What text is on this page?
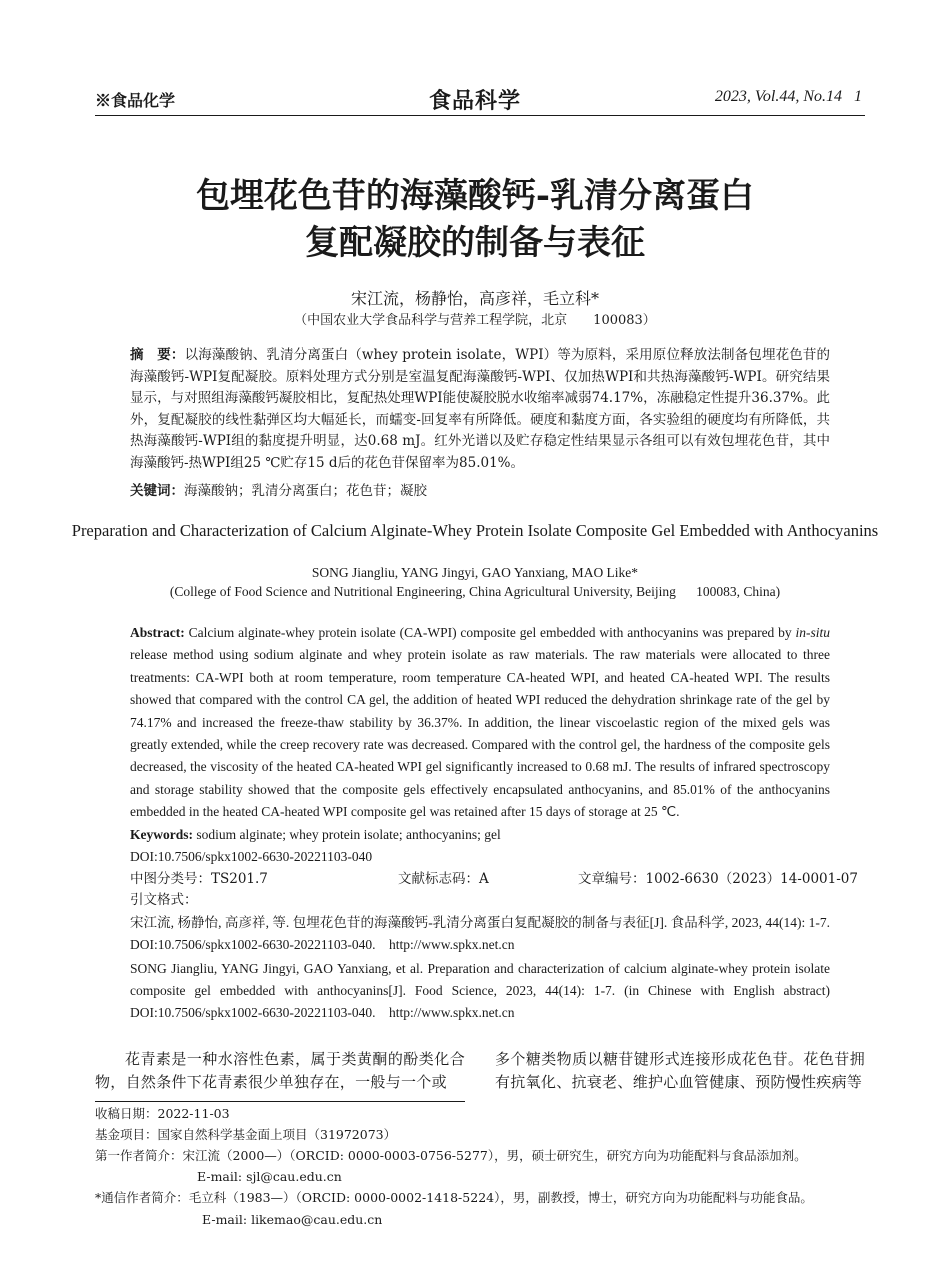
※食品化学	食品科学	2023, Vol.44, No.14 1
包埋花色苷的海藻酸钙-乳清分离蛋白
复配凝胶的制备与表征
宋江流，杨静怡，高彦祥，毛立科*
（中国农业大学食品科学与营养工程学院，北京　　100083）
摘　要：以海藻酸钠、乳清分离蛋白（whey protein isolate，WPI）等为原料，采用原位释放法制备包埋花色苷的海藻酸钙-WPI复配凝胶。原料处理方式分别是室温复配海藻酸钙-WPI、仅加热WPI和共热海藻酸钙-WPI。研究结果显示，与对照组海藻酸钙凝胶相比，复配热处理WPI能使凝胶脱水收缩率减弱74.17%，冻融稳定性提升36.37%。此外，复配凝胶的线性黏弹区均大幅延长，而蠕变-回复率有所降低。硬度和黏度方面，各实验组的硬度均有所降低，共热海藻酸钙-WPI组的黏度提升明显，达0.68 mJ。红外光谱以及贮存稳定性结果显示各组可以有效包埋花色苷，其中海藻酸钙-热WPI组25 ℃贮存15 d后的花色苷保留率为85.01%。
关键词：海藻酸钠；乳清分离蛋白；花色苷；凝胶
Preparation and Characterization of Calcium Alginate-Whey Protein Isolate Composite Gel Embedded with Anthocyanins
SONG Jiangliu, YANG Jingyi, GAO Yanxiang, MAO Like*
(College of Food Science and Nutritional Engineering, China Agricultural University, Beijing      100083, China)
Abstract: Calcium alginate-whey protein isolate (CA-WPI) composite gel embedded with anthocyanins was prepared by in-situ release method using sodium alginate and whey protein isolate as raw materials. The raw materials were allocated to three treatments: CA-WPI both at room temperature, room temperature CA-heated WPI, and heated CA-heated WPI. The results showed that compared with the control CA gel, the addition of heated WPI reduced the dehydration shrinkage rate of the gel by 74.17% and increased the freeze-thaw stability by 36.37%. In addition, the linear viscoelastic region of the mixed gels was greatly extended, while the creep recovery rate was decreased. Compared with the control gel, the hardness of the composite gels decreased, the viscosity of the heated CA-heated WPI gel significantly increased to 0.68 mJ. The results of infrared spectroscopy and storage stability showed that the composite gels effectively encapsulated anthocyanins, and 85.01% of the anthocyanins embedded in the heated CA-heated WPI composite gel was retained after 15 days of storage at 25 ℃.
Keywords: sodium alginate; whey protein isolate; anthocyanins; gel
DOI:10.7506/spkx1002-6630-20221103-040
中图分类号：TS201.7	文献标志码：A	文章编号：1002-6630（2023）14-0001-07
引文格式：
宋江流, 杨静怡, 高彦祥, 等. 包埋花色苷的海藻酸钙-乳清分离蛋白复配凝胶的制备与表征[J]. 食品科学, 2023, 44(14): 1-7. DOI:10.7506/spkx1002-6630-20221103-040.　http://www.spkx.net.cn
SONG Jiangliu, YANG Jingyi, GAO Yanxiang, et al. Preparation and characterization of calcium alginate-whey protein isolate composite gel embedded with anthocyanins[J]. Food Science, 2023, 44(14): 1-7. (in Chinese with English abstract) DOI:10.7506/spkx1002-6630-20221103-040.　http://www.spkx.net.cn
花青素是一种水溶性色素，属于类黄酮的酚类化合物，自然条件下花青素很少单独存在，一般与一个或
多个糖类物质以糖苷键形式连接形成花色苷。花色苷拥有抗氧化、抗衰老、维护心血管健康、预防慢性疾病等
收稿日期：2022-11-03
基金项目：国家自然科学基金面上项目（31972073）
第一作者简介：宋江流（2000—）（ORCID: 0000-0003-0756-5277），男，硕士研究生，研究方向为功能配料与食品添加剂。
E-mail: sjl@cau.edu.cn
*通信作者简介：毛立科（1983—）（ORCID: 0000-0002-1418-5224），男，副教授，博士，研究方向为功能配料与功能食品。
E-mail: likemao@cau.edu.cn
